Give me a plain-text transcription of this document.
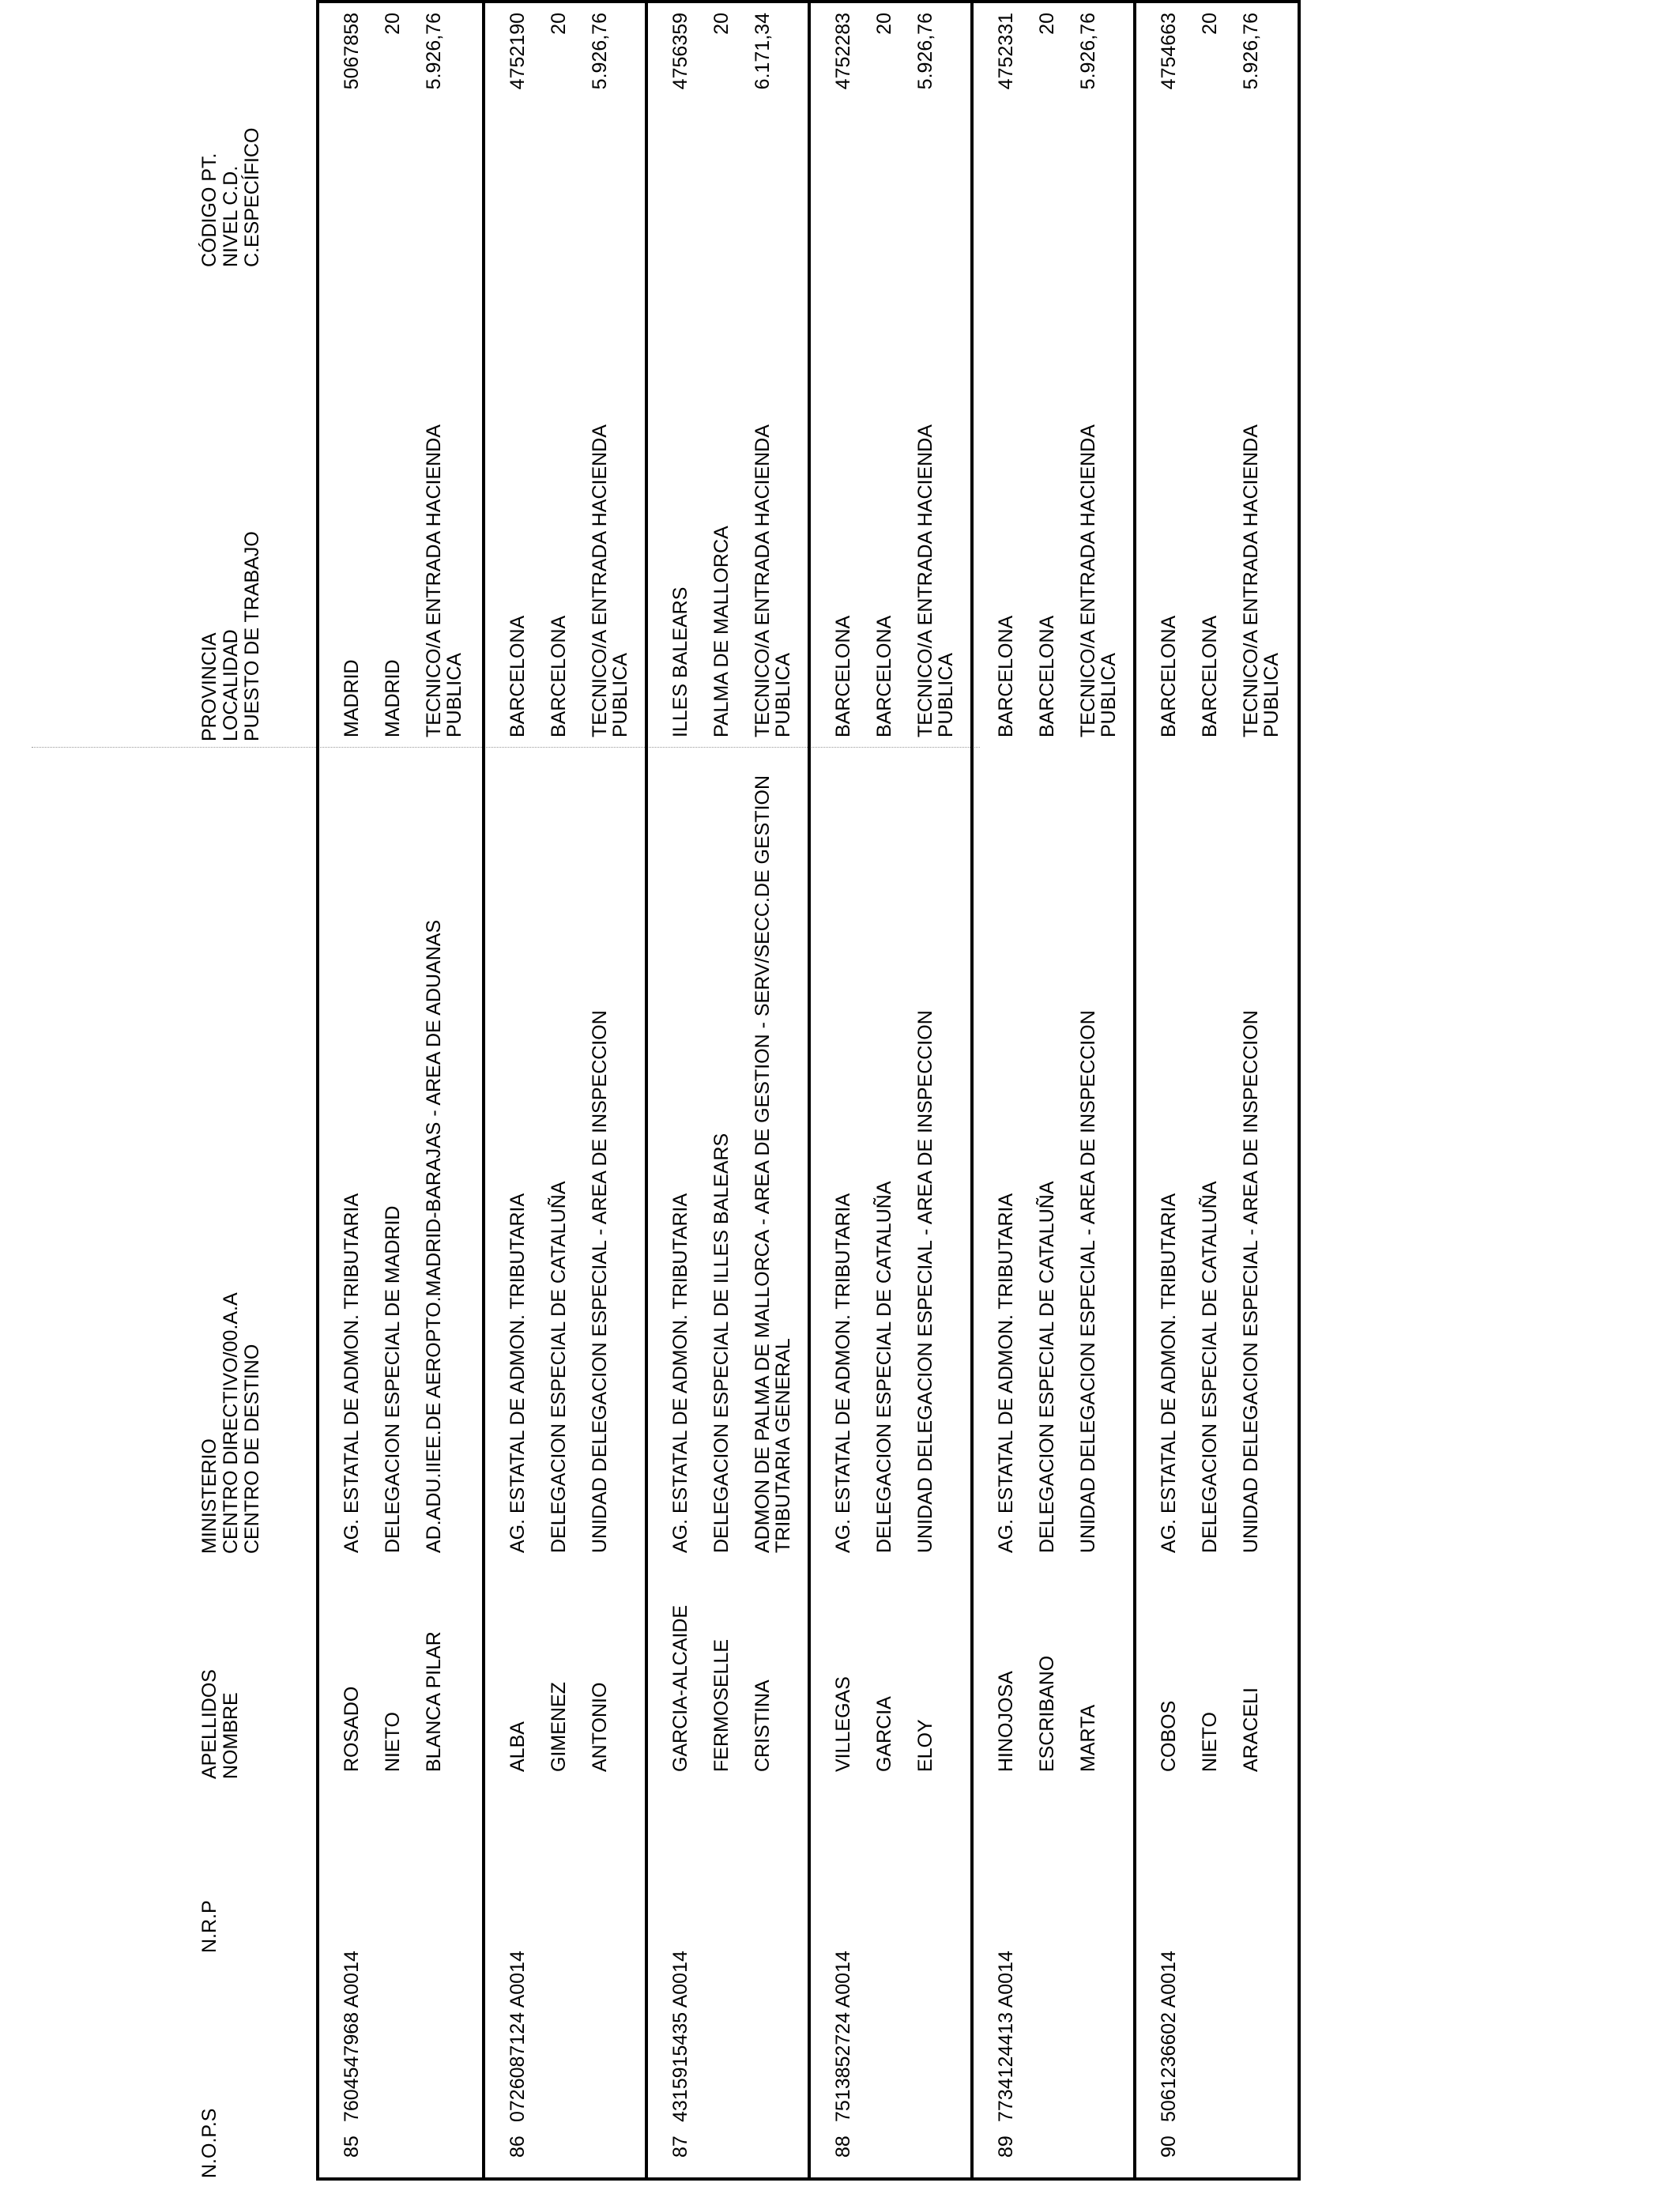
N.O.P.S
N.R.P
APELLIDOS NOMBRE
MINISTERIO CENTRO DIRECTIVO/00.A.A CENTRO DE DESTINO
PROVINCIA LOCALIDAD PUESTO DE TRABAJO
CÓDIGO PT. NIVEL C.D. C.ESPECÍFICO
85
7604547968 A0014
ROSADO NIETO BLANCA PILAR
AG. ESTATAL DE ADMON. TRIBUTARIA DELEGACION ESPECIAL DE MADRID AD.ADU.IIEE.DE AEROPTO.MADRID-BARAJAS - AREA DE ADUANAS
MADRID MADRID TECNICO/A ENTRADA HACIENDA PUBLICA
5067858 20 5.926,76
86
0726087124 A0014
ALBA GIMENEZ ANTONIO
AG. ESTATAL DE ADMON. TRIBUTARIA DELEGACION ESPECIAL DE CATALUÑA UNIDAD DELEGACION ESPECIAL - AREA DE INSPECCION
BARCELONA BARCELONA TECNICO/A ENTRADA HACIENDA PUBLICA
4752190 20 5.926,76
87
4315915435 A0014
GARCIA-ALCAIDE FERMOSELLE CRISTINA
AG. ESTATAL DE ADMON. TRIBUTARIA DELEGACION ESPECIAL DE ILLES BALEARS ADMON DE PALMA DE MALLORCA - AREA DE GESTION - SERV/SECC.DE GESTION TRIBUTARIA GENERAL
ILLES BALEARS PALMA DE MALLORCA TECNICO/A ENTRADA HACIENDA PUBLICA
4756359 20 6.171,34
88
7513852724 A0014
VILLEGAS GARCIA ELOY
AG. ESTATAL DE ADMON. TRIBUTARIA DELEGACION ESPECIAL DE CATALUÑA UNIDAD DELEGACION ESPECIAL - AREA DE INSPECCION
BARCELONA BARCELONA TECNICO/A ENTRADA HACIENDA PUBLICA
4752283 20 5.926,76
89
7734124413 A0014
HINOJOSA ESCRIBANO MARTA
AG. ESTATAL DE ADMON. TRIBUTARIA DELEGACION ESPECIAL DE CATALUÑA UNIDAD DELEGACION ESPECIAL - AREA DE INSPECCION
BARCELONA BARCELONA TECNICO/A ENTRADA HACIENDA PUBLICA
4752331 20 5.926,76
90
5061236602 A0014
COBOS NIETO ARACELI
AG. ESTATAL DE ADMON. TRIBUTARIA DELEGACION ESPECIAL DE CATALUÑA UNIDAD DELEGACION ESPECIAL - AREA DE INSPECCION
BARCELONA BARCELONA TECNICO/A ENTRADA HACIENDA PUBLICA
4754663 20 5.926,76
